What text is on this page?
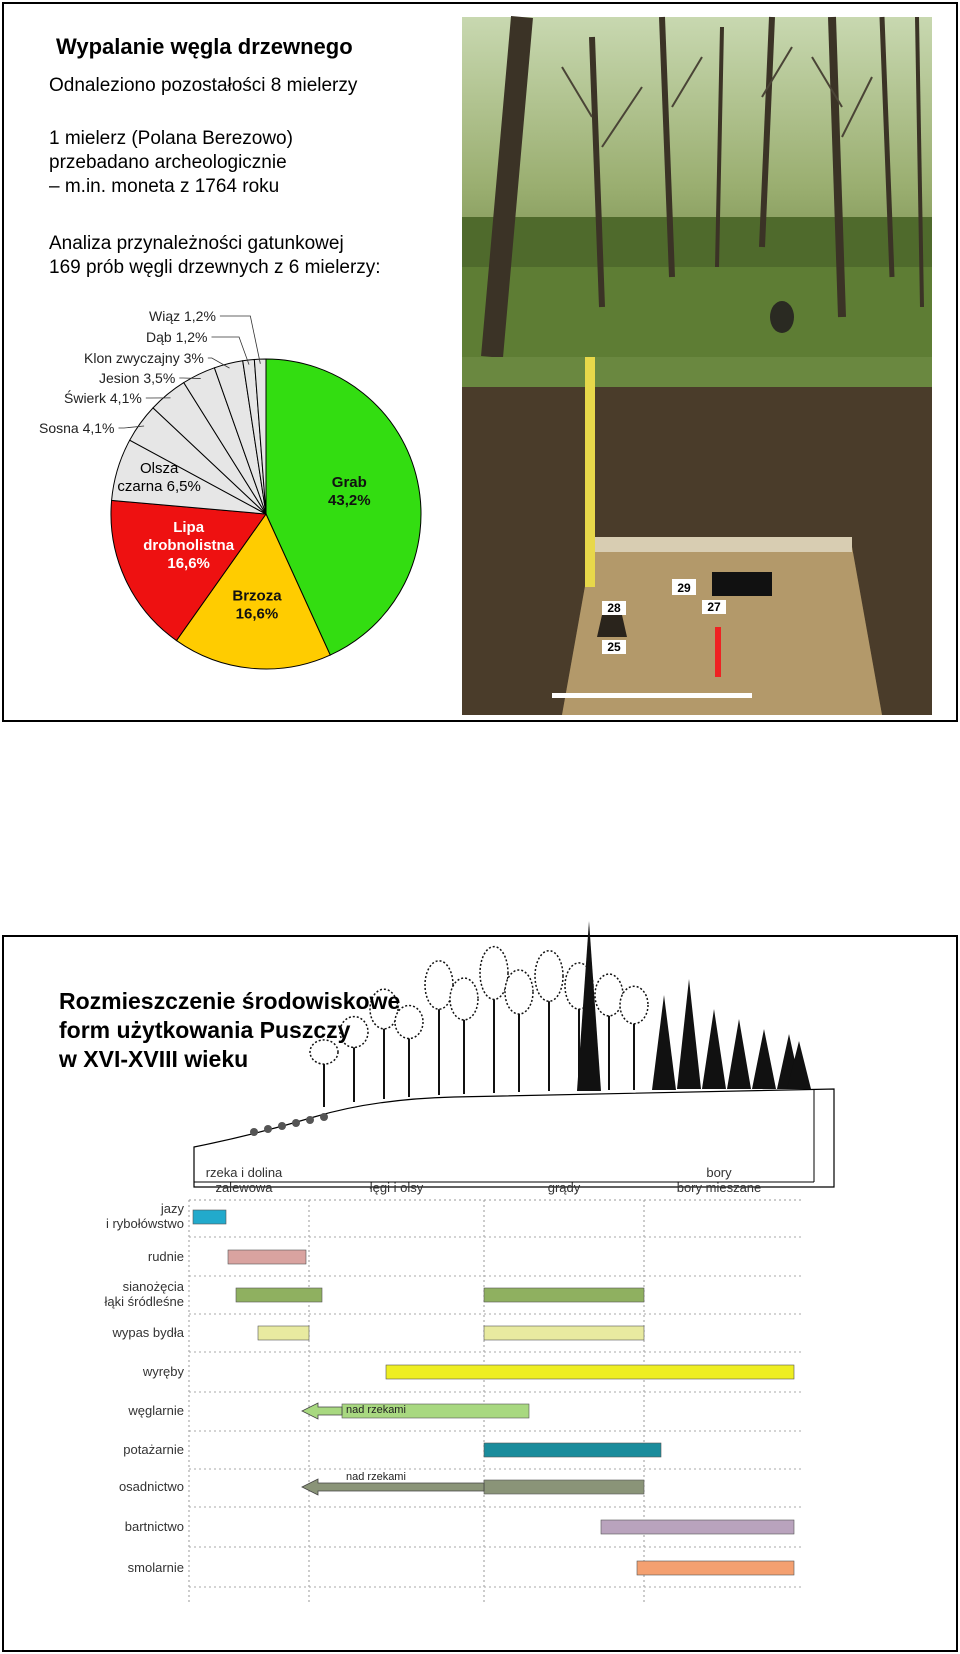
Wypalanie węgla drzewnego
Odnaleziono pozostałości 8 mielerzy
1 mielerz (Polana Berezowo)
przebadano archeologicznie
– m.in. moneta z 1764 roku
Analiza przynależności gatunkowej
169 prób węgli drzewnych z 6 mielerzy:
Grab 43,2%
Brzoza 16,6%
Lipa drobnolistna 16,6%
Olsza czarna 6,5%
Sosna 4,1%
Świerk 4,1%
Jesion 3,5%
Klon zwyczajny 3%
Dąb 1,2%
Wiąz 1,2%
29
28	27
25
Rozmieszczenie środowiskowe
form użytkowania Puszczy
w XVI-XVIII wieku
rzeka i dolina
zalewowa	łęgi i olsy	grądy
bory
bory mieszane
jazy
i rybołówstwo
rudnie
sianożęcia
łąki śródleśne
wypas bydła
wyręby
węglarnie
potażarnie
osadnictwo
bartnictwo
smolarnie
nad rzekami
nad rzekami
